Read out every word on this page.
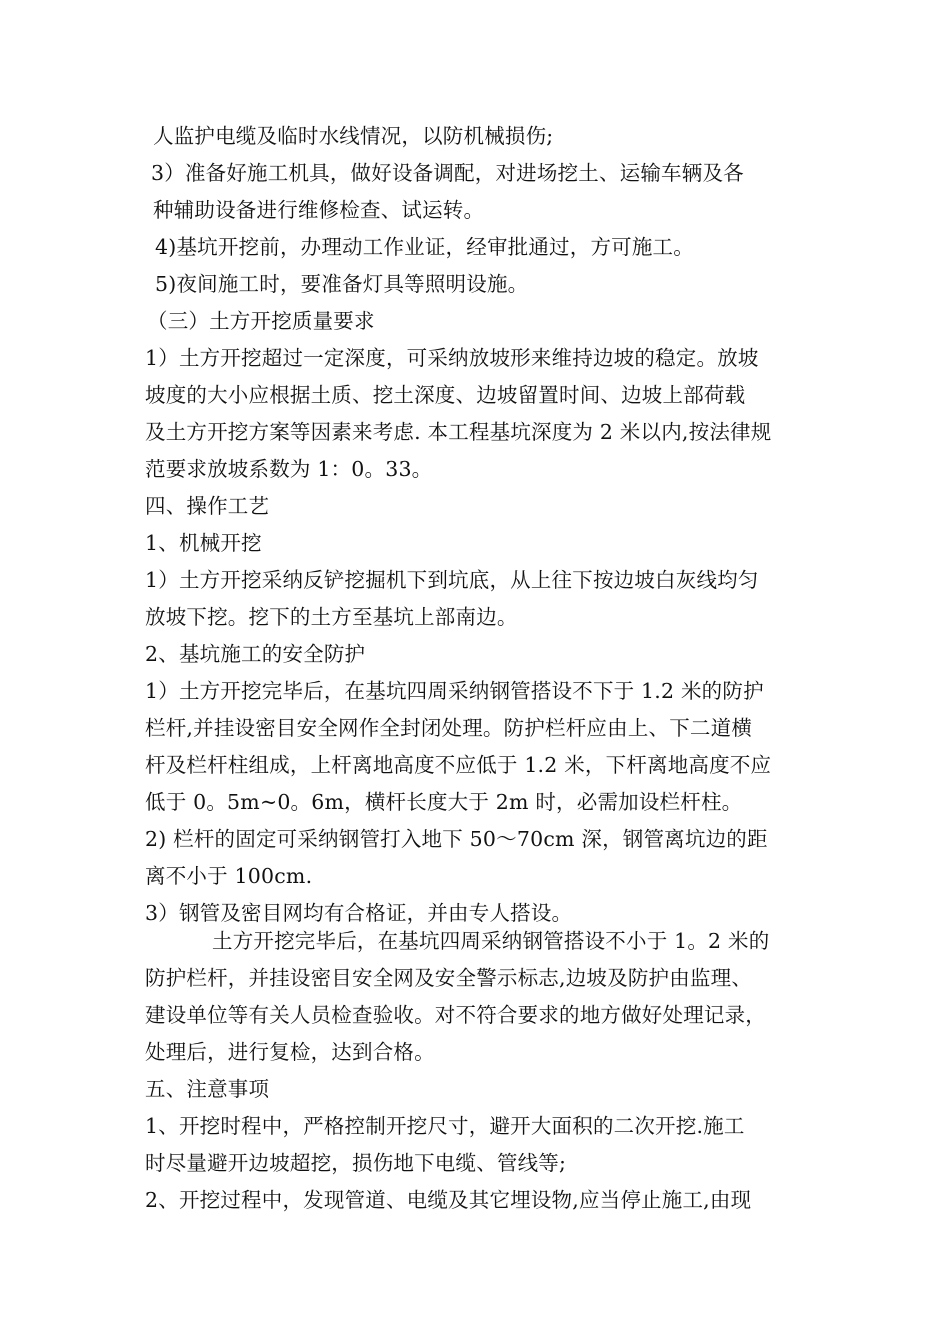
人监护电缆及临时水线情况，以防机械损伤;
3）准备好施工机具，做好设备调配，对进场挖土、运输车辆及各
种辅助设备进行维修检查、试运转。
4)基坑开挖前，办理动工作业证，经审批通过，方可施工。
5)夜间施工时，要准备灯具等照明设施。
（三）土方开挖质量要求
1）土方开挖超过一定深度，可采纳放坡形来维持边坡的稳定。放坡
坡度的大小应根据土质、挖土深度、边坡留置时间、边坡上部荷载
及土方开挖方案等因素来考虑. 本工程基坑深度为 2 米以内,按法律规
范要求放坡系数为 1：0。33。
四、操作工艺
1、机械开挖
1）土方开挖采纳反铲挖掘机下到坑底，从上往下按边坡白灰线均匀
放坡下挖。挖下的土方至基坑上部南边。
2、基坑施工的安全防护
1）土方开挖完毕后，在基坑四周采纳钢管搭设不下于 1.2 米的防护
栏杆,并挂设密目安全网作全封闭处理。防护栏杆应由上、下二道横
杆及栏杆柱组成，上杆离地高度不应低于 1.2 米，下杆离地高度不应
低于 0。5m~0。6m，横杆长度大于 2m 时，必需加设栏杆柱。
2) 栏杆的固定可采纳钢管打入地下 50～70cm 深，钢管离坑边的距
离不小于 100cm.
3）钢管及密目网均有合格证，并由专人搭设。
土方开挖完毕后，在基坑四周采纳钢管搭设不小于 1。2 米的
防护栏杆，并挂设密目安全网及安全警示标志,边坡及防护由监理、
建设单位等有关人员检查验收。对不符合要求的地方做好处理记录，
处理后，进行复检，达到合格。
五、注意事项
1、开挖时程中，严格控制开挖尺寸，避开大面积的二次开挖.施工
时尽量避开边坡超挖，损伤地下电缆、管线等;
2、开挖过程中，发现管道、电缆及其它埋设物,应当停止施工,由现
